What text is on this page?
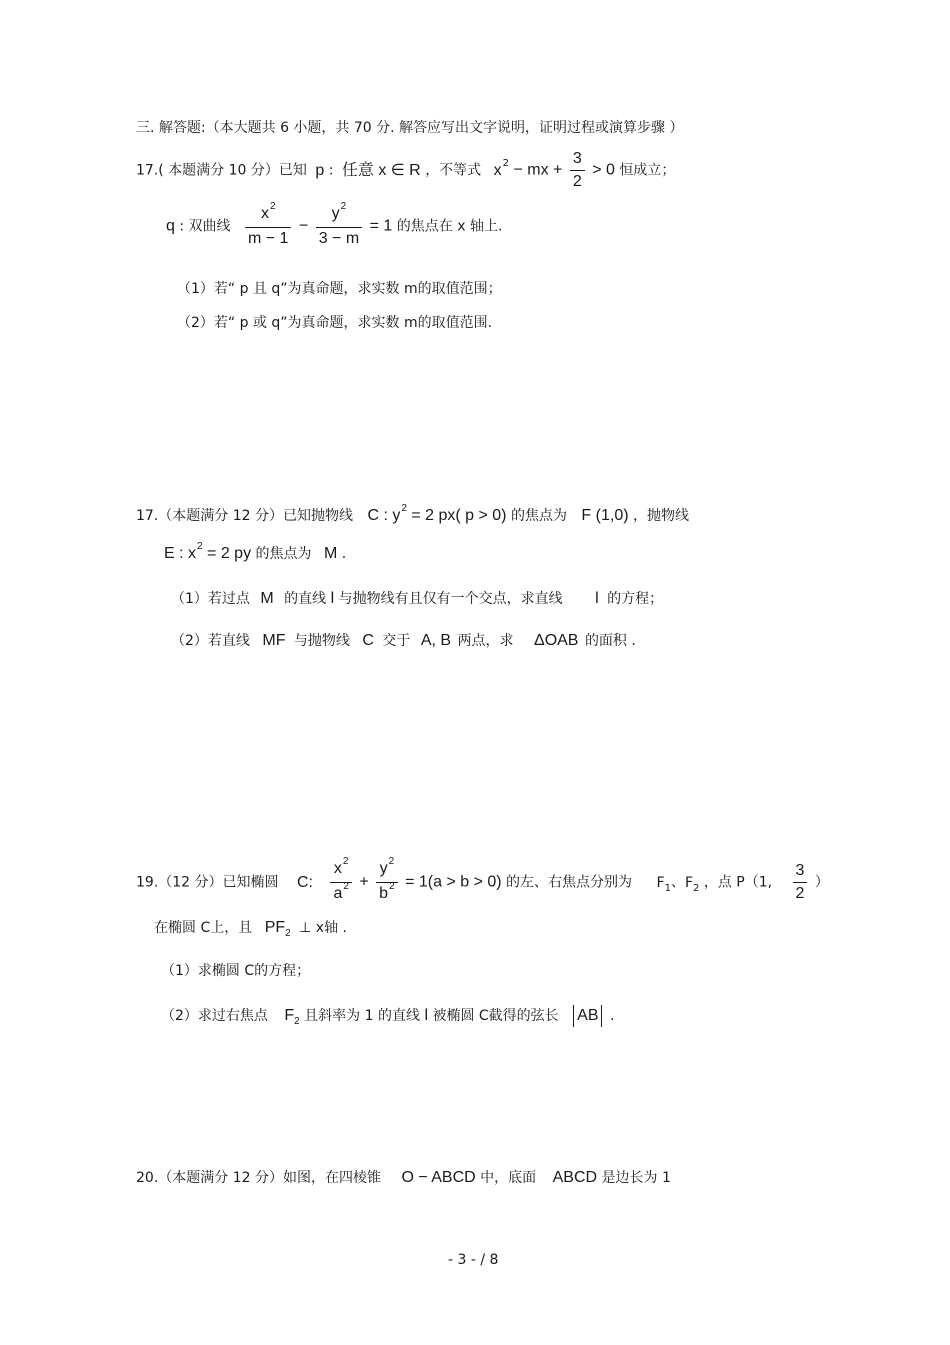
三. 解答题:（本大题共 6 小题，共 70 分. 解答应写出文字说明，证明过程或演算步骤 ）
17.( 本题满分 10 分）已知 p : 任意 x ∈ R ，不等式 $x^2$ − mx + $\frac{3}{2} > 0$ 恒成立；
q : 双曲线 $\frac{x^2}{m - 1} - \frac{y^2}{3 - m} = 1$ 的焦点在 x 轴上.
（1）若“ p 且 q”为真命题，求实数 m的取值范围；
（2）若“ p 或 q”为真命题，求实数 m的取值范围.
17.（本题满分 12 分）已知抛物线 C : $y^2 = 2$ px( p > 0) 的焦点为 F (1,0) ，抛物线
E : $x^2 = 2$ py 的焦点为 M .
（1）若过点 M 的直线 l 与抛物线有且仅有一个交点，求直线 l 的方程；
（2）若直线 MF 与抛物线 C 交于 A, B 两点，求 ΔOAB 的面积 .
19.（12 分）已知椭圆 C: $\frac{x^2}{a^2} + \frac{y^2}{b^2} = 1(a > b > 0)$ 的左、右焦点分别为 $F_1$、$F_2$ ，点 P（1, $\frac{3}{2}$ ）
在椭圆 C上，且 $PF_2$ ⊥ x轴 .
（1）求椭圆 C的方程；
（2）求过右焦点 $F_2$ 且斜率为 1 的直线 l 被椭圆 C截得的弦长 AB .
20.（本题满分 12 分）如图，在四棱锥 O − ABCD 中，底面 ABCD 是边长为 1
- 3 - / 8
